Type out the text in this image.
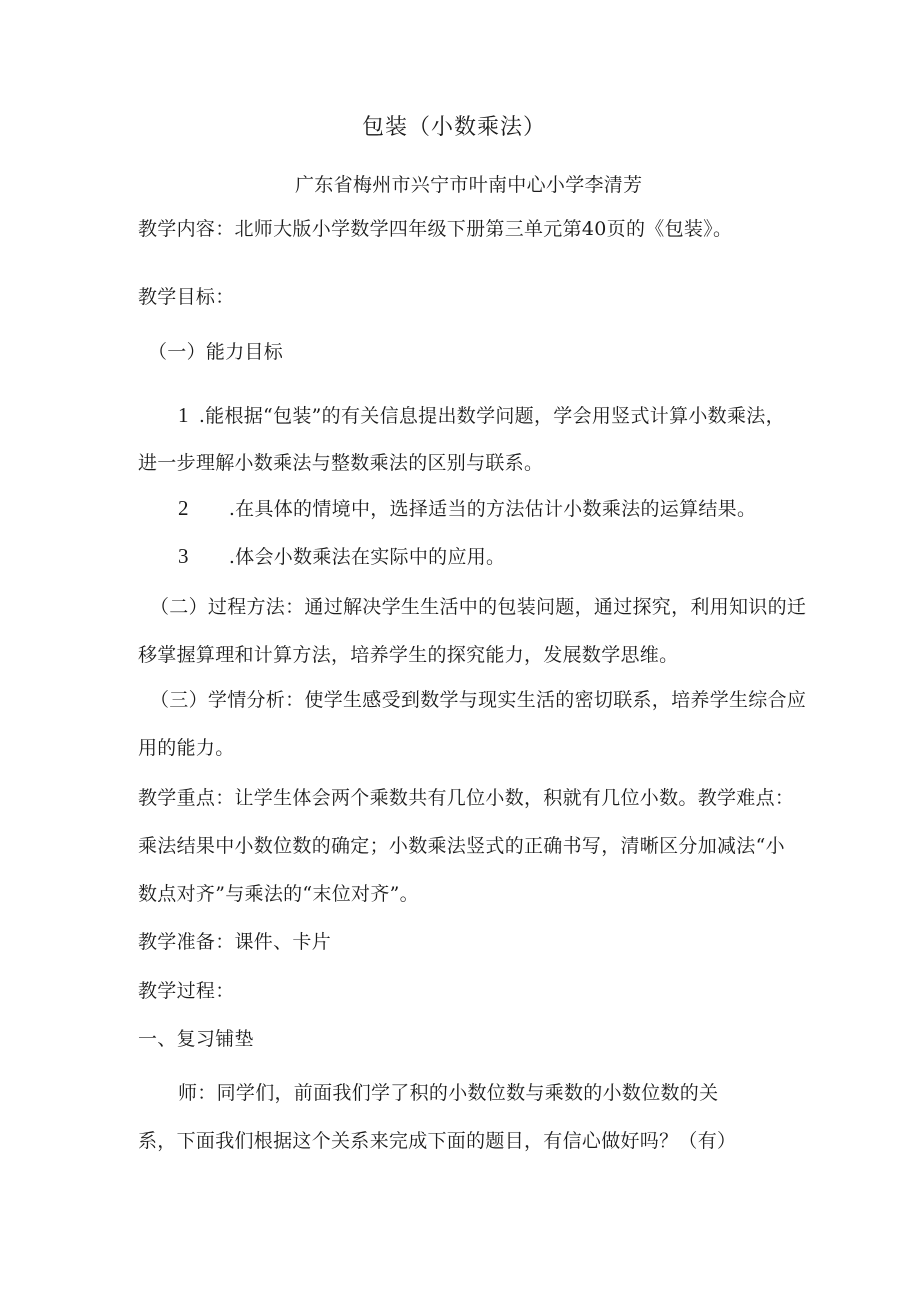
包装（小数乘法）
广东省梅州市兴宁市叶南中心小学李清芳
教学内容：北师大版小学数学四年级下册第三单元第40页的《包装》。
教学目标：
（一）能力目标
1 .能根据“包装”的有关信息提出数学问题，学会用竖式计算小数乘法，
进一步理解小数乘法与整数乘法的区别与联系。
2 .在具体的情境中，选择适当的方法估计小数乘法的运算结果。
3 .体会小数乘法在实际中的应用。
（二）过程方法：通过解决学生生活中的包装问题，通过探究，利用知识的迁
移掌握算理和计算方法，培养学生的探究能力，发展数学思维。
（三）学情分析：使学生感受到数学与现实生活的密切联系，培养学生综合应
用的能力。
教学重点：让学生体会两个乘数共有几位小数，积就有几位小数。教学难点：
乘法结果中小数位数的确定；小数乘法竖式的正确书写，清晰区分加减法“小
数点对齐”与乘法的“末位对齐”。
教学准备：课件、卡片
教学过程：
一、复习铺垫
师：同学们，前面我们学了积的小数位数与乘数的小数位数的关
系，下面我们根据这个关系来完成下面的题目，有信心做好吗？（有）
